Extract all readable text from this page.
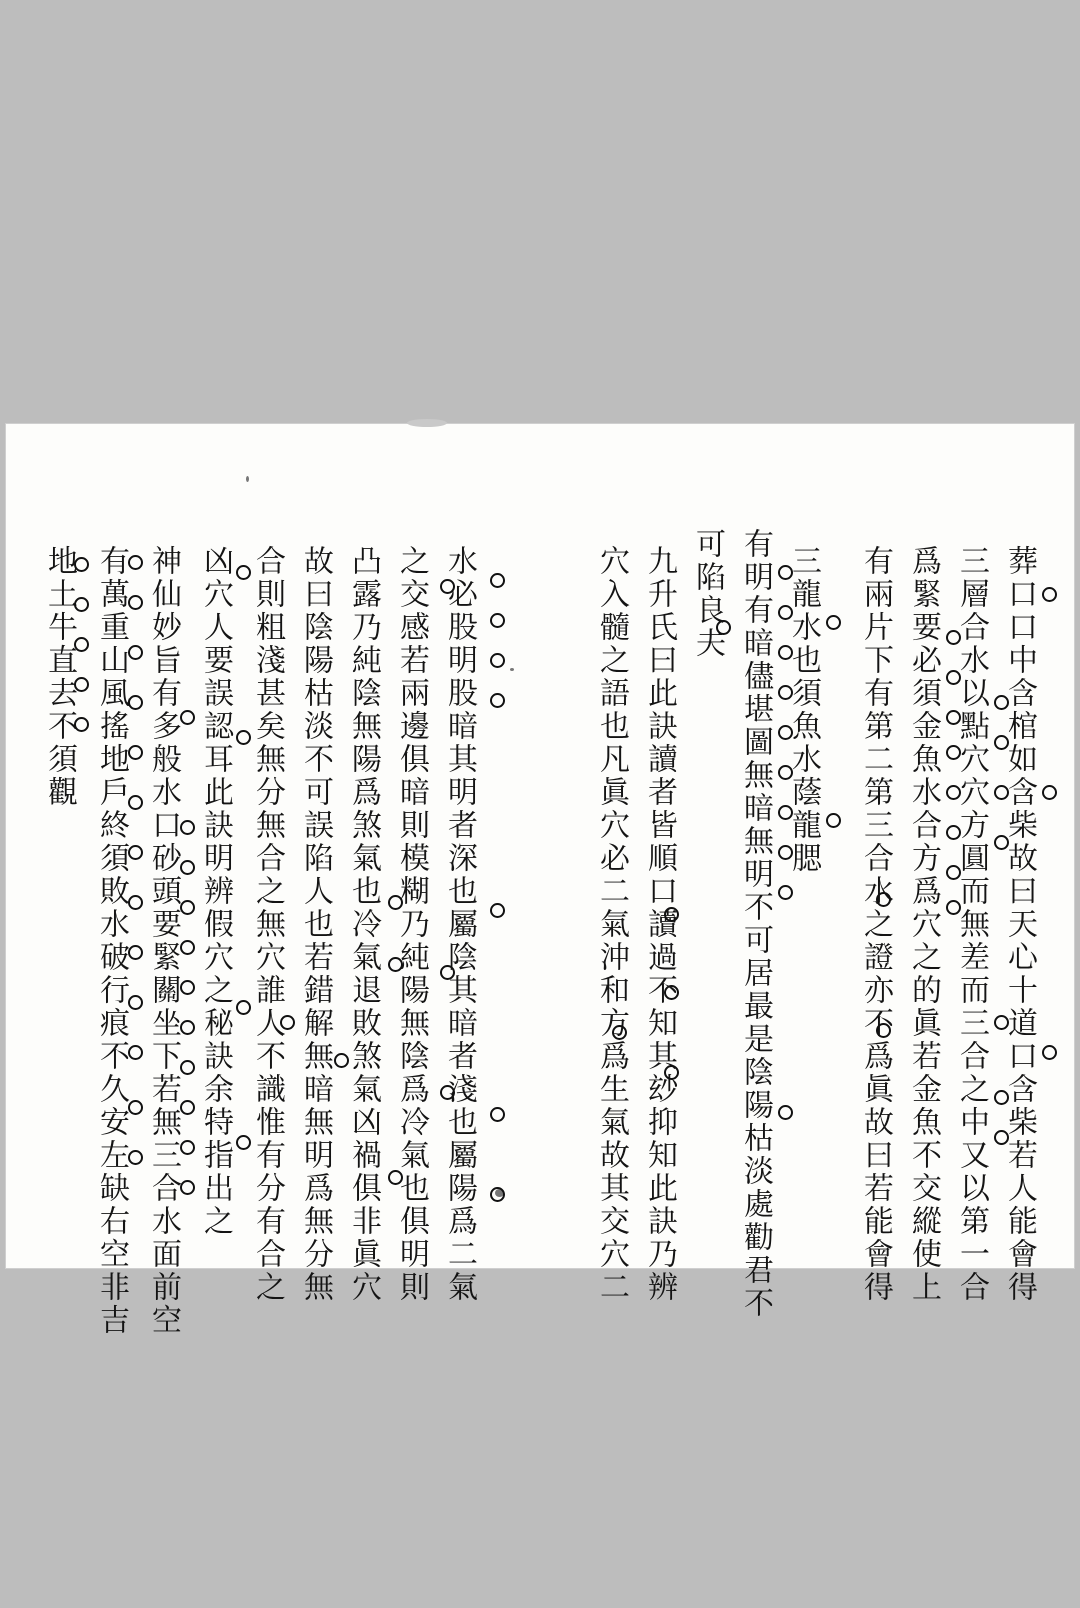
葬口口中含棺如含柴故曰天心十道口含柴若人能會得
三層合水以點穴穴方圓而無差而三合之中又以第一合
爲緊要必須金魚水合方爲穴之的眞若金魚不交縱使上
有兩片下有第二第三合水之證亦不爲眞故曰若能會得
三龍水也須魚水蔭龍腮
有明有暗儘堪圖無暗無明不可居最是陰陽枯淡處勸君不
可陷良夫
九升氏曰此訣讀者皆順口讀過不知其玅抑知此訣乃辨
穴入髓之語也凡眞穴必二氣沖和方爲生氣故其交穴二
水必股明股暗其明者深也屬陰其暗者淺也屬陽爲二氣
之交感若兩邊俱暗則模糊乃純陽無陰爲冷氣也俱明則
凸露乃純陰無陽爲煞氣也冷氣退敗煞氣凶禍俱非眞穴
故曰陰陽枯淡不可誤陷人也若錯解無暗無明爲無分無
合則粗淺甚矣無分無合之無穴誰人不識惟有分有合之
凶穴人要誤認耳此訣明辨假穴之秘訣余特指出之
神仙妙旨有多般水口砂頭要緊關坐下若無三合水面前空
有萬重山風搖地戶終須敗水破行痕不久安左缺右空非吉
地土牛直去不須觀
